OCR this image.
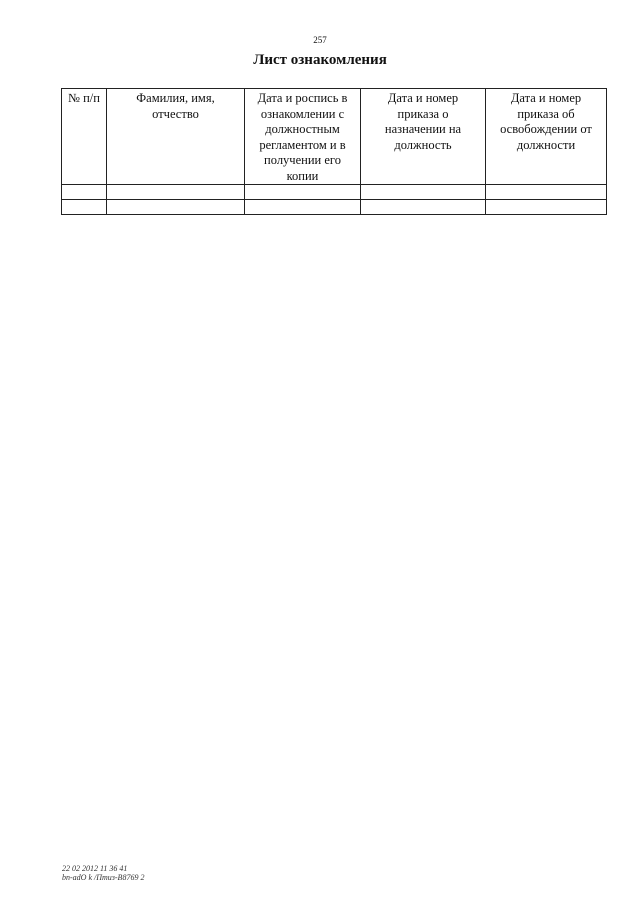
257
Лист ознакомления
№ п/п	Фамилия, имя, отчество	Дата и роспись в ознакомлении с должностным регламентом и в получении его копии	Дата и номер приказа о назначении на должность	Дата и номер приказа об освобождении от должности

22 02 2012 11 36 41
bn-adO k /Птиз-В8769 2
